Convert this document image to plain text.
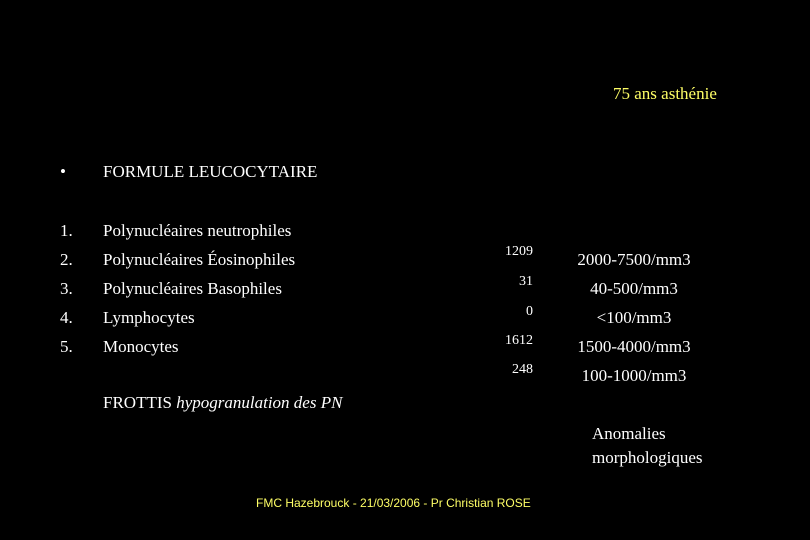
75 ans asthénie
• FORMULE LEUCOCYTAIRE
1. Polynucléaires neutrophiles
2. Polynucléaires Éosinophiles
3. Polynucléaires Basophiles
4. Lymphocytes
5. Monocytes
1209
31
0
1612
248
2000-7500/mm3
40-500/mm3
<100/mm3
1500-4000/mm3
100-1000/mm3
FROTTIS hypogranulation des PN
Anomalies
morphologiques
FMC Hazebrouck - 21/03/2006 - Pr Christian ROSE
